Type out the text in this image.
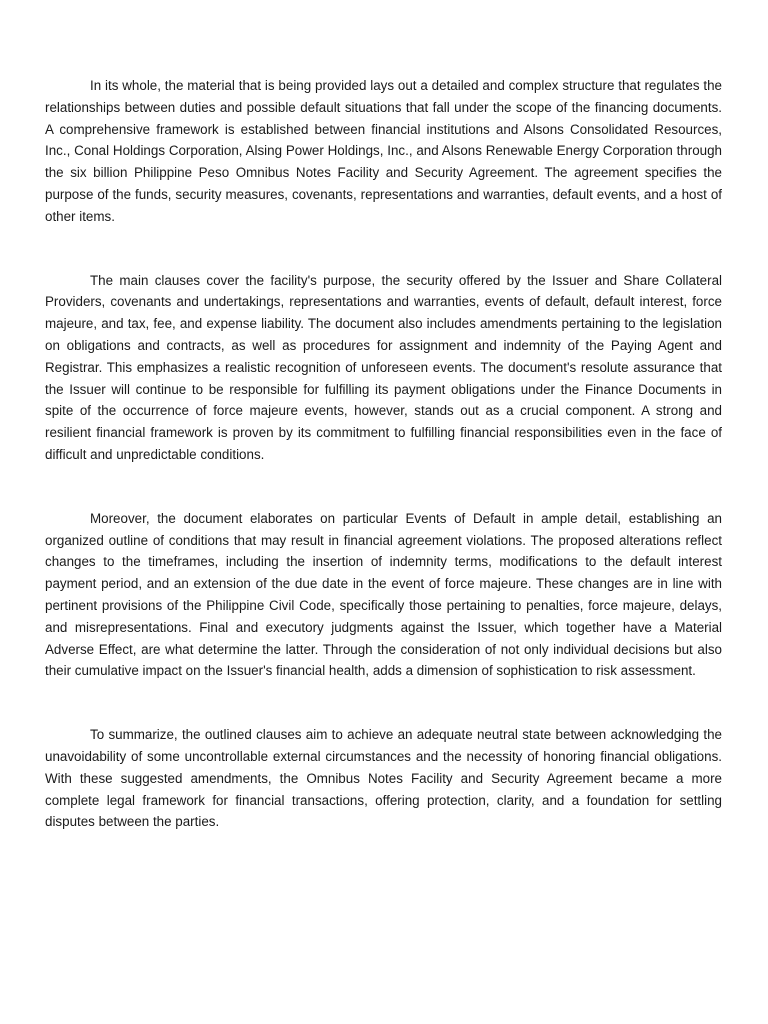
In its whole, the material that is being provided lays out a detailed and complex structure that regulates the relationships between duties and possible default situations that fall under the scope of the financing documents. A comprehensive framework is established between financial institutions and Alsons Consolidated Resources, Inc., Conal Holdings Corporation, Alsing Power Holdings, Inc., and Alsons Renewable Energy Corporation through the six billion Philippine Peso Omnibus Notes Facility and Security Agreement. The agreement specifies the purpose of the funds, security measures, covenants, representations and warranties, default events, and a host of other items.

The main clauses cover the facility's purpose, the security offered by the Issuer and Share Collateral Providers, covenants and undertakings, representations and warranties, events of default, default interest, force majeure, and tax, fee, and expense liability. The document also includes amendments pertaining to the legislation on obligations and contracts, as well as procedures for assignment and indemnity of the Paying Agent and Registrar. This emphasizes a realistic recognition of unforeseen events. The document's resolute assurance that the Issuer will continue to be responsible for fulfilling its payment obligations under the Finance Documents in spite of the occurrence of force majeure events, however, stands out as a crucial component. A strong and resilient financial framework is proven by its commitment to fulfilling financial responsibilities even in the face of difficult and unpredictable conditions.

Moreover, the document elaborates on particular Events of Default in ample detail, establishing an organized outline of conditions that may result in financial agreement violations. The proposed alterations reflect changes to the timeframes, including the insertion of indemnity terms, modifications to the default interest payment period, and an extension of the due date in the event of force majeure. These changes are in line with pertinent provisions of the Philippine Civil Code, specifically those pertaining to penalties, force majeure, delays, and misrepresentations. Final and executory judgments against the Issuer, which together have a Material Adverse Effect, are what determine the latter. Through the consideration of not only individual decisions but also their cumulative impact on the Issuer's financial health, adds a dimension of sophistication to risk assessment.

To summarize, the outlined clauses aim to achieve an adequate neutral state between acknowledging the unavoidability of some uncontrollable external circumstances and the necessity of honoring financial obligations. With these suggested amendments, the Omnibus Notes Facility and Security Agreement became a more complete legal framework for financial transactions, offering protection, clarity, and a foundation for settling disputes between the parties.
